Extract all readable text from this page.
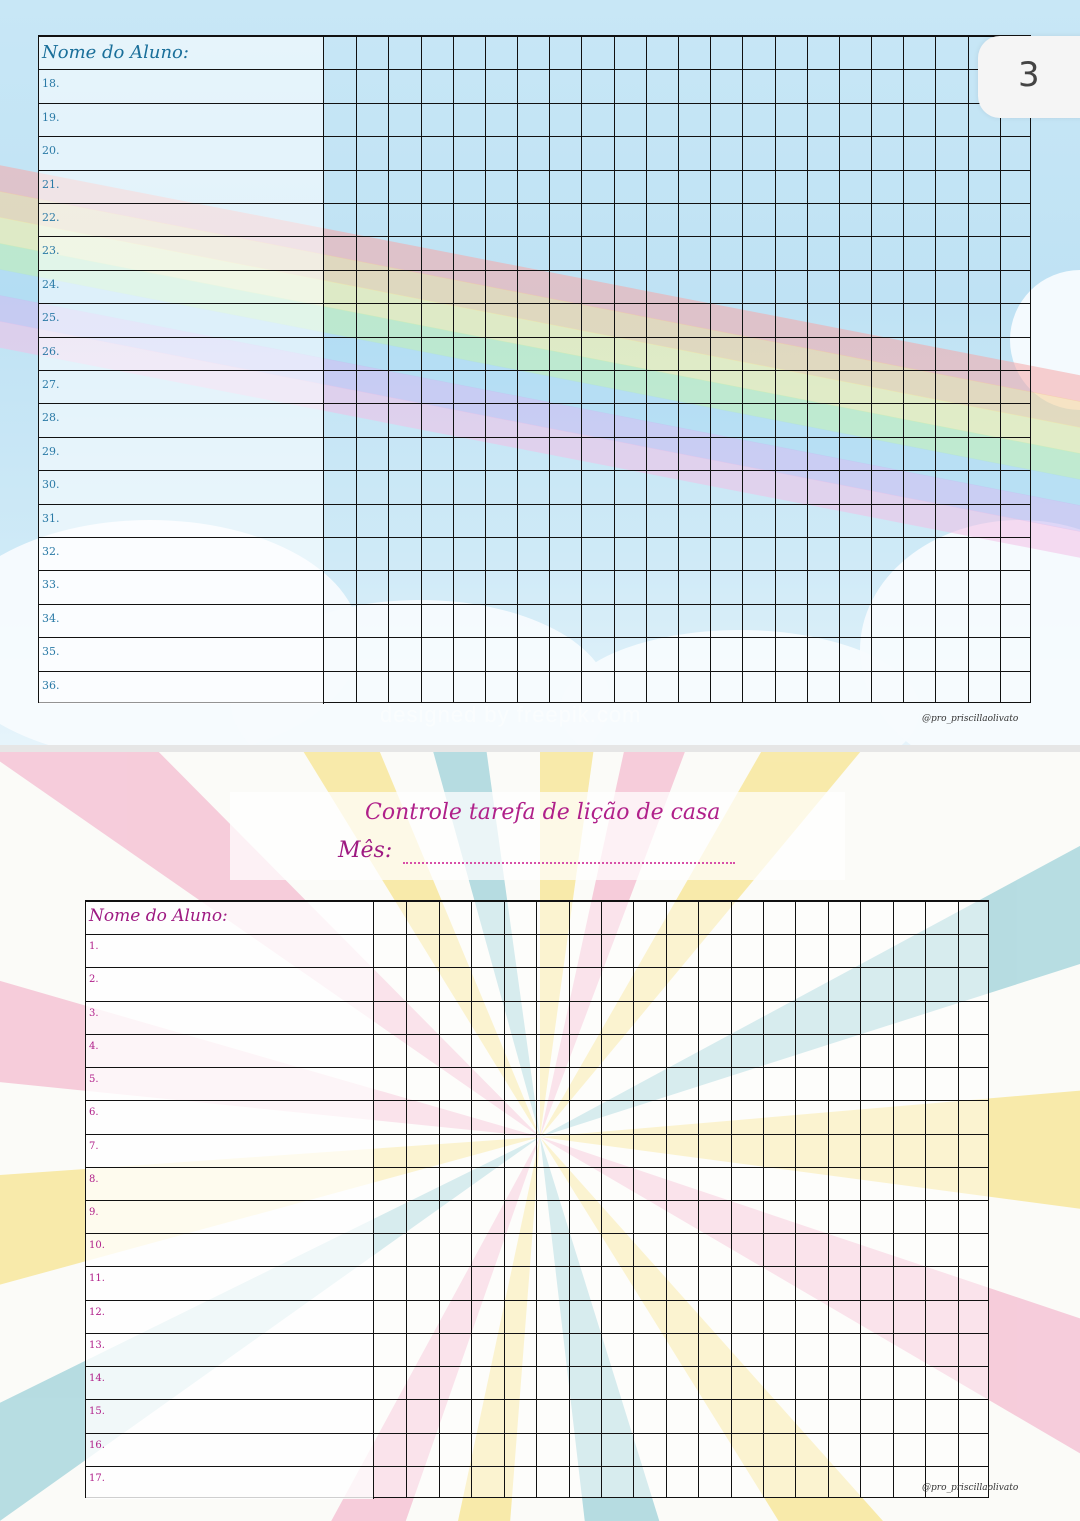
Nome do Aluno:
18.
19.
20.
21.
22.
23.
24.
25.
26.
27.
28.
29.
30.
31.
32.
33.
34.
35.
36.
3
designed by freepik.com	@pro_priscillaolivato
Controle tarefa de lição de casa
Mês:
Nome do Aluno:
1.
2.
3.
4.
5.
6.
7.
8.
9.
10.
11.
12.
13.
14.
15.
16.
17.
@pro_priscillaolivato
